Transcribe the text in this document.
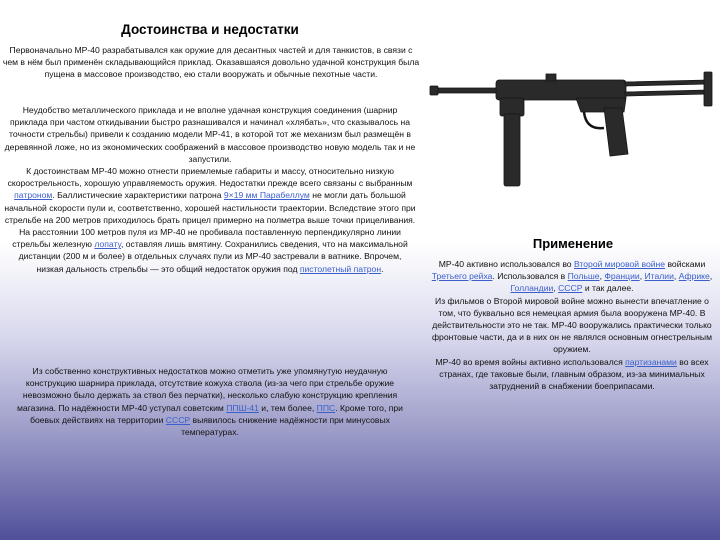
Достоинства и недостатки
Первоначально МР-40 разрабатывался как оружие для десантных частей и для танкистов, в связи с чем в нём был применён складывающийся приклад. Оказавшаяся довольно удачной конструкция была пущена в массовое производство, ею стали вооружать и обычные пехотные части.
Неудобство металлического приклада и не вполне удачная конструкция соединения (шарнир приклада при частом откидывании быстро разнашивался и начинал «хлябать», что сказывалось на точности стрельбы) привели к созданию модели МР-41, в которой тот же механизм был размещён в деревянной ложе, но из экономических соображений в массовое производство новую модель так и не запустили.
К достоинствам МР-40 можно отнести приемлемые габариты и массу, относительно низкую скорострельность, хорошую управляемость оружия. Недостатки прежде всего связаны с выбранным патроном. Баллистические характеристики патрона 9×19 мм Парабеллум не могли дать большой начальной скорости пули и, соответственно, хорошей настильности траектории. Вследствие этого при стрельбе на 200 метров приходилось брать прицел примерно на полметра выше точки прицеливания. На расстоянии 100 метров пуля из МР-40 не пробивала поставленную перпендикулярно линии стрельбы железную лопату, оставляя лишь вмятину. Сохранились сведения, что на максимальной дистанции (200 м и более) в отдельных случаях пули из МР-40 застревали в ватнике. Впрочем, низкая дальность стрельбы — это общий недостаток оружия под пистолетный патрон.
Из собственно конструктивных недостатков можно отметить уже упомянутую неудачную конструкцию шарнира приклада, отсутствие кожуха ствола (из-за чего при стрельбе оружие невозможно было держать за ствол без перчатки), несколько слабую конструкцию крепления магазина. По надёжности МР-40 уступал советским ППШ-41 и, тем более, ППС. Кроме того, при боевых действиях на территории СССР выявилось снижение надёжности при минусовых температурах.
Применение
МР-40 активно использовался во Второй мировой войне войсками Третьего рейха. Использовался в Польше, Франции, Италии, Африке, Голландии, СССР и так далее.
Из фильмов о Второй мировой войне можно вынести впечатление о том, что буквально вся немецкая армия была вооружена МР-40. В действительности это не так. МР-40 вооружались практически только фронтовые части, да и в них он не являлся основным огнестрельным оружием.
МР-40 во время войны активно использовался партизанами во всех странах, где таковые были, главным образом, из-за минимальных затруднений в снабжении боеприпасами.
